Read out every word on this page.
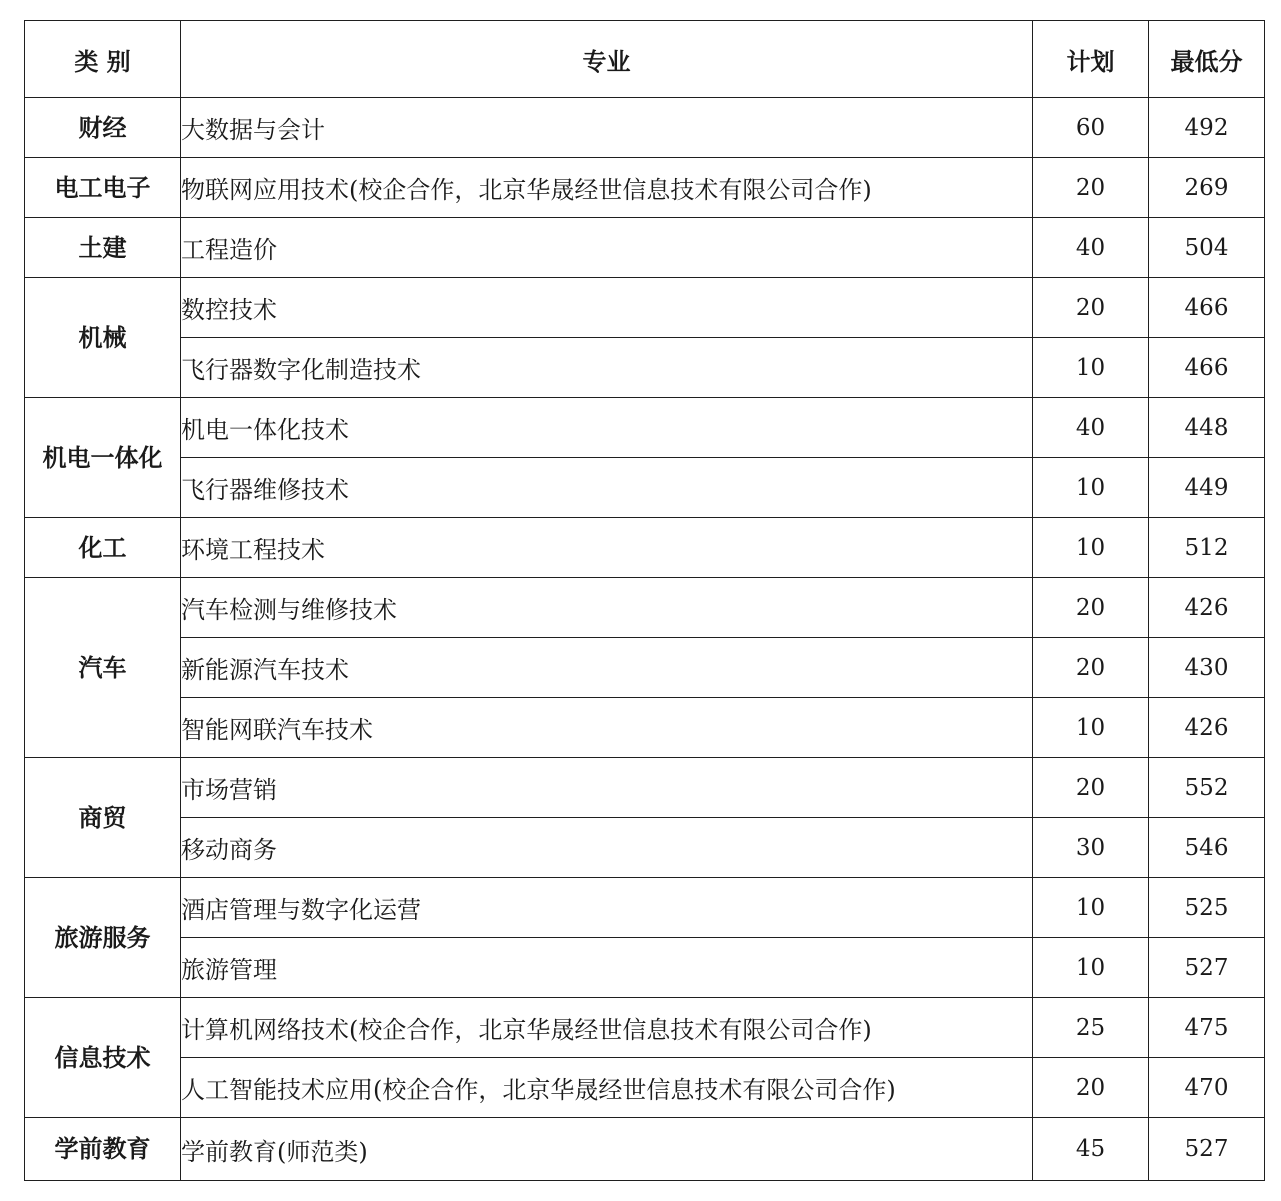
类 别	专业	计划	最低分
财经	大数据与会计	60	492
电工电子	物联网应用技术(校企合作，北京华晟经世信息技术有限公司合作)	20	269
土建	工程造价	40	504
机械	数控技术	20	466
	飞行器数字化制造技术	10	466
机电一体化	机电一体化技术	40	448
	飞行器维修技术	10	449
化工	环境工程技术	10	512
汽车	汽车检测与维修技术	20	426
	新能源汽车技术	20	430
	智能网联汽车技术	10	426
商贸	市场营销	20	552
	移动商务	30	546
旅游服务	酒店管理与数字化运营	10	525
	旅游管理	10	527
信息技术	计算机网络技术(校企合作，北京华晟经世信息技术有限公司合作)	25	475
	人工智能技术应用(校企合作，北京华晟经世信息技术有限公司合作)	20	470
学前教育	学前教育(师范类)	45	527
